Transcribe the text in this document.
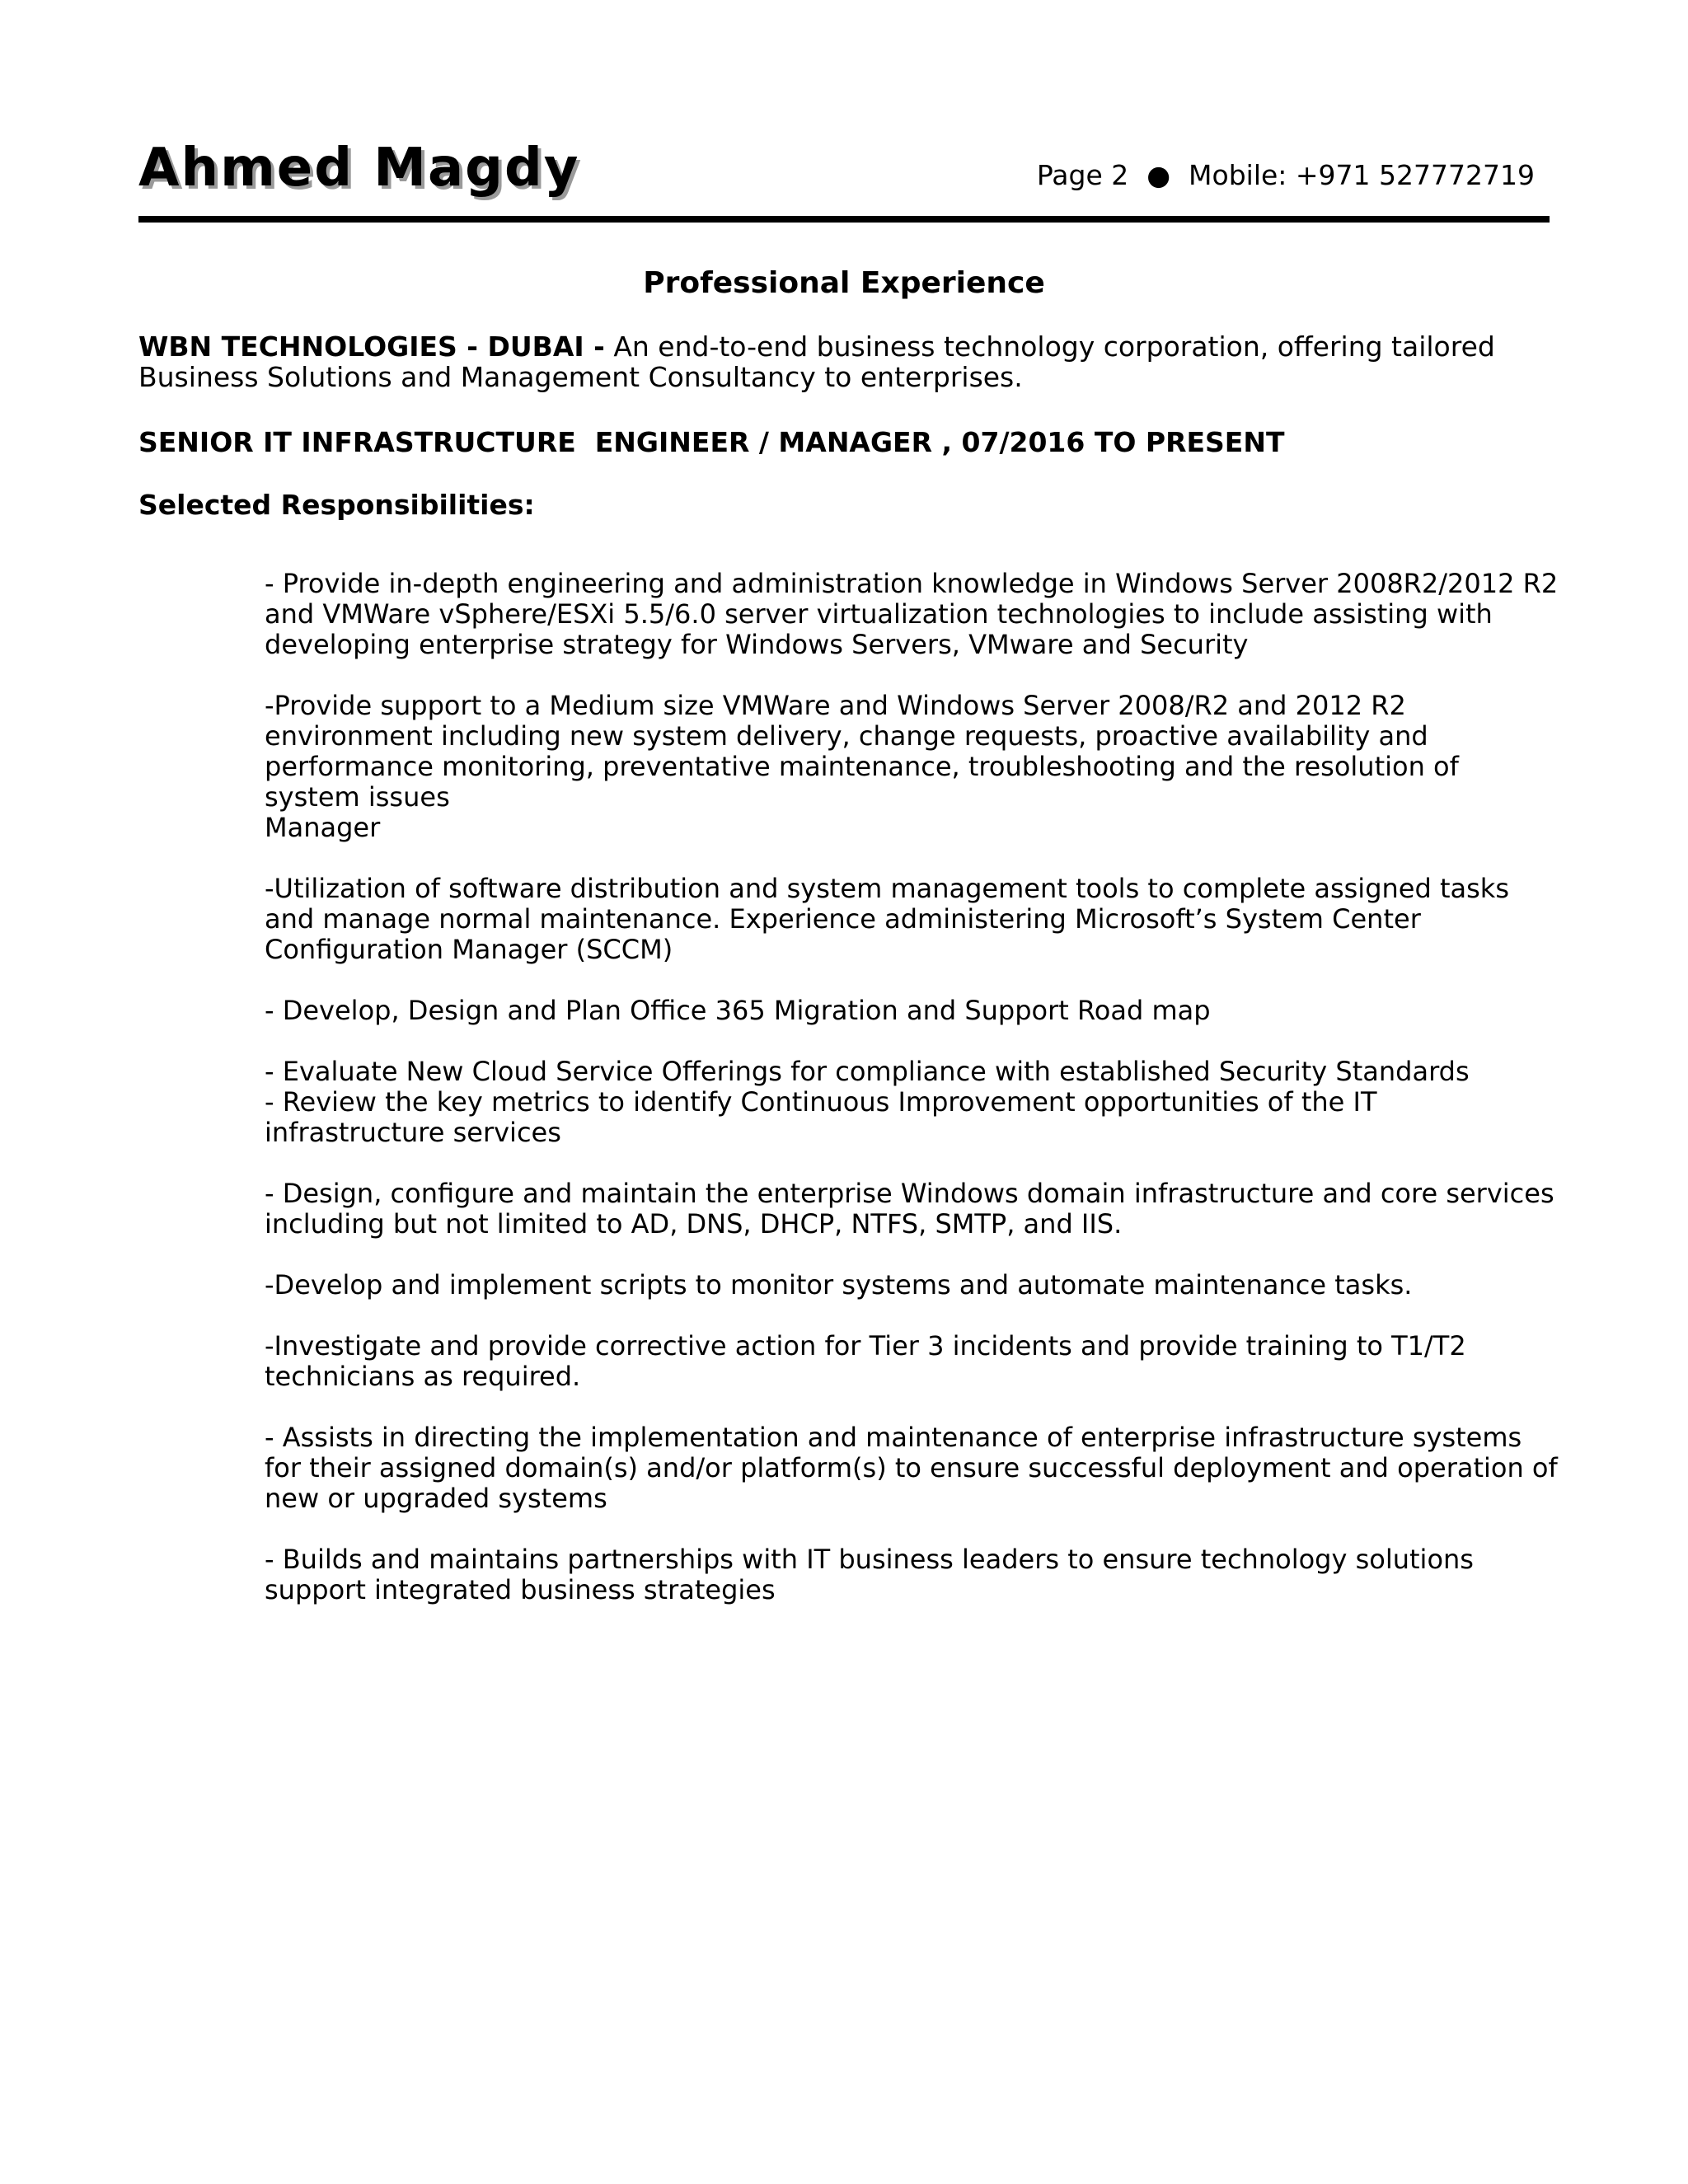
Ahmed Magdy	Page 2 ● Mobile: +971 527772719
Professional Experience
WBN TECHNOLOGIES - DUBAI - An end-to-end business technology corporation, offering tailored Business Solutions and Management Consultancy to enterprises.
SENIOR IT INFRASTRUCTURE  ENGINEER / MANAGER , 07/2016 TO PRESENT
Selected Responsibilities:
- Provide in-depth engineering and administration knowledge in Windows Server 2008R2/2012 R2 and VMWare vSphere/ESXi 5.5/6.0 server virtualization technologies to include assisting with developing enterprise strategy for Windows Servers, VMware and Security
-Provide support to a Medium size VMWare and Windows Server 2008/R2 and 2012 R2 environment including new system delivery, change requests, proactive availability and performance monitoring, preventative maintenance, troubleshooting and the resolution of system issues
Manager
-Utilization of software distribution and system management tools to complete assigned tasks and manage normal maintenance. Experience administering Microsoft’s System Center Configuration Manager (SCCM)
- Develop, Design and Plan Office 365 Migration and Support Road map
- Evaluate New Cloud Service Offerings for compliance with established Security Standards
- Review the key metrics to identify Continuous Improvement opportunities of the IT infrastructure services
- Design, configure and maintain the enterprise Windows domain infrastructure and core services including but not limited to AD, DNS, DHCP, NTFS, SMTP, and IIS.
-Develop and implement scripts to monitor systems and automate maintenance tasks.
-Investigate and provide corrective action for Tier 3 incidents and provide training to T1/T2 technicians as required.
- Assists in directing the implementation and maintenance of enterprise infrastructure systems for their assigned domain(s) and/or platform(s) to ensure successful deployment and operation of new or upgraded systems
- Builds and maintains partnerships with IT business leaders to ensure technology solutions support integrated business strategies
